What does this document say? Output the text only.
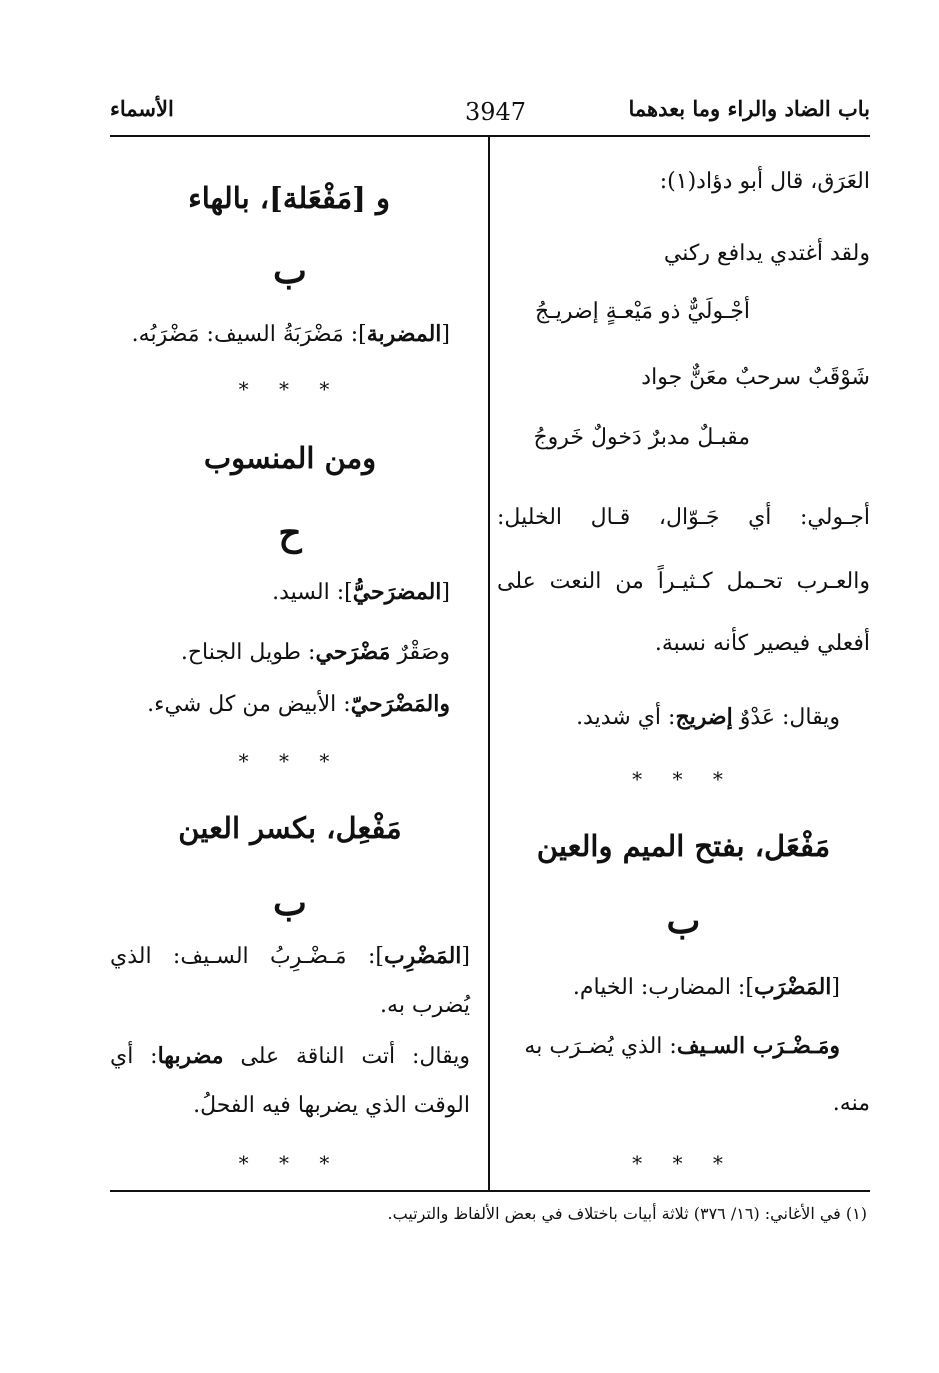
باب الضاد والراء وما بعدهما
3947
الأسماء
العَرَق، قال أبو دؤاد(١):
ولقد أغتدي يدافع ركني
أجْـولَيٌّ ذو مَيْعـةٍ إضريـجُ
شَوْقَبٌ سرحبٌ معَنٌّ جواد
مقبـلٌ مدبرٌ دَخولٌ خَروجُ
أجـولي: أي جَـوّال، قـال الخليل:
والعـرب تحـمل كـثيـراً من النعت على
أفعلي فيصير كأنه نسبة.
ويقال: عَدْوٌ إضريج: أي شديد.
* * *
مَفْعَل، بفتح الميم والعين
ب
[المَضْرَب]: المضارب: الخيام.
ومَـضْـرَب السـيف: الذي يُضـرَب به
منه.
* * *
و [مَفْعَلة]، بالهاء
ب
[المضربة]: مَضْرَبَةُ السيف: مَضْرَبُه.
* * *
ومن المنسوب
ح
[المضرَحيُّ]: السيد.
وصَقْرٌ مَضْرَحي: طويل الجناح.
والمَضْرَحيّ: الأبيض من كل شيء.
* * *
مَفْعِل، بكسر العين
ب
[المَضْرِب]: مَـضْـرِبُ السـيف: الذي
يُضرب به.
ويقال: أتت الناقة على مضربها: أي
الوقت الذي يضربها فيه الفحلُ.
* * *
(١) في الأغاني: (١٦/ ٣٧٦) ثلاثة أبيات باختلاف في بعض الألفاظ والترتيب.
